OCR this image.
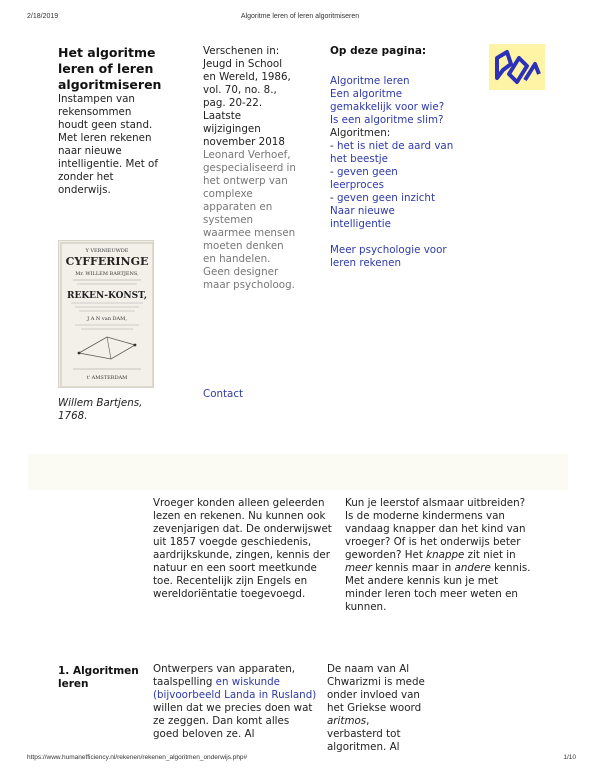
2/18/2019	Algoritme leren of leren algoritmiseren
Het algoritme leren of leren algoritmiseren

Instampen van rekensommen houdt geen stand. Met leren rekenen naar nieuwe intelligentie. Met of zonder het onderwijs.

Y VERNIEUWDE
CYFFERINGE
Mr. WILLEM BARTJENS,
REKEN-KONST,
J A N van DAM,
t' AMSTERDAM
Willem Bartjens, 1768.

Verschenen in: Jeugd in School en Wereld, 1986, vol. 70, no. 8., pag. 20-22. Laatste wijzigingen november 2018

Leonard Verhoef, gespecialiseerd in het ontwerp van complexe apparaten en systemen waarmee mensen moeten denken en handelen. Geen designer maar psycholoog.

Contact
Op deze pagina:
Algoritme leren
Een algoritme gemakkelijk voor wie?
Is een algoritme slim?
Algoritmen:
- het is niet de aard van het beestje
- geven geen leerproces
- geven geen inzicht
Naar nieuwe intelligentie
Meer psychologie voor leren rekenen

Vroeger konden alleen geleerden lezen en rekenen. Nu kunnen ook zevenjarigen dat. De onderwijswet uit 1857 voegde geschiedenis, aardrijkskunde, zingen, kennis der natuur en een soort meetkunde toe. Recentelijk zijn Engels en wereldoriëntatie toegevoegd.

Kun je leerstof alsmaar uitbreiden? Is de moderne kindermens van vandaag knapper dan het kind van vroeger? Of is het onderwijs beter geworden? Het knappe zit niet in meer kennis maar in andere kennis. Met andere kennis kun je met minder leren toch meer weten en kunnen.

1. Algoritmen leren

Ontwerpers van apparaten, taalspelling en wiskunde (bijvoorbeeld Landa in Rusland) willen dat we precies doen wat ze zeggen. Dan komt alles goed beloven ze. Al

De naam van Al Chwarizmi is mede onder invloed van het Griekse woord aritmos, verbasterd tot algoritmen. Al

https://www.humanefficiency.nl/rekenen/rekenen_algoritmen_onderwijs.php#	1/10
